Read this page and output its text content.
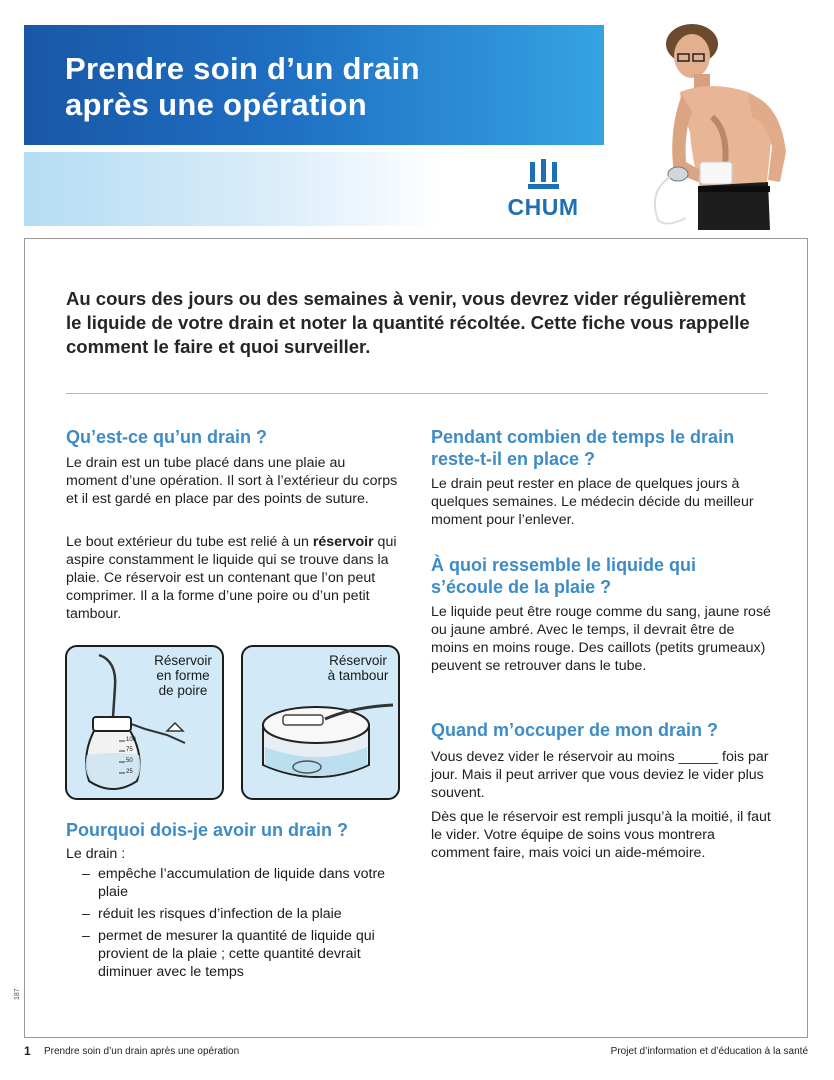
Prendre soin d’un drain
après une opération
CHUM

Au cours des jours ou des semaines à venir, vous devrez vider régulièrement le liquide de votre drain et noter la quantité récoltée. Cette fiche vous rappelle comment le faire et quoi surveiller.

Qu’est-ce qu’un drain ?

Le drain est un tube placé dans une plaie au moment d’une opération. Il sort à l’extérieur du corps et il est gardé en place par des points de suture.

Le bout extérieur du tube est relié à un réservoir qui aspire constamment le liquide qui se trouve dans la plaie. Ce réservoir est un contenant que l’on peut comprimer. Il a la forme d’une poire ou d’un petit tambour.

Réservoir
en forme
de poire
100
75
50
25
Réservoir
à tambour
Pourquoi dois-je avoir un drain ?

Le drain :

– empêche l’accumulation de liquide dans votre plaie
– réduit les risques d’infection de la plaie
– permet de mesurer la quantité de liquide qui provient de la plaie ; cette quantité devrait diminuer avec le temps
Pendant combien de temps le drain reste-t-il en place ?

Le drain peut rester en place de quelques jours à quelques semaines. Le médecin décide du meilleur moment pour l’enlever.

À quoi ressemble le liquide qui s’écoule de la plaie ?

Le liquide peut être rouge comme du sang, jaune rosé ou jaune ambré. Avec le temps, il devrait être de moins en moins rouge. Des caillots (petits grumeaux) peuvent se retrouver dans le tube.

Quand m’occuper de mon drain ?

Vous devez vider le réservoir au moins _____ fois par jour. Mais il peut arriver que vous deviez le vider plus souvent.

Dès que le réservoir est rempli jusqu’à la moitié, il faut le vider. Votre équipe de soins vous montrera comment faire, mais voici un aide-mémoire.

187
1 Prendre soin d’un drain après une opération	Projet d’information et d’éducation à la santé
